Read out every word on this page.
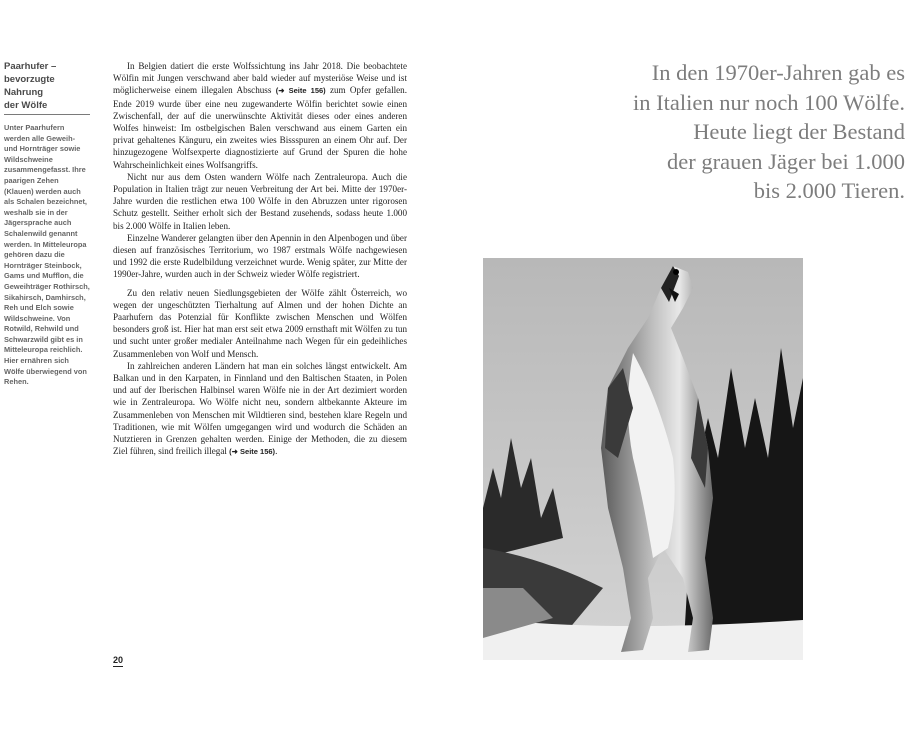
Paarhufer –
bevorzugte Nahrung
der Wölfe

Unter Paarhufern werden alle Geweih- und Hornträger sowie Wildschweine zusammengefasst. Ihre paarigen Zehen (Klauen) werden auch als Schalen bezeichnet, weshalb sie in der Jägersprache auch Schalenwild genannt werden. In Mitteleuropa gehören dazu die Hornträger Steinbock, Gams und Mufflon, die Geweihträger Rothirsch, Sikahirsch, Damhirsch, Reh und Elch sowie Wildschweine. Von Rotwild, Rehwild und Schwarzwild gibt es in Mitteleuropa reichlich. Hier ernähren sich Wölfe überwiegend von Rehen.

In Belgien datiert die erste Wolfssichtung ins Jahr 2018. Die beobachtete Wölfin mit Jungen verschwand aber bald wieder auf mysteriöse Weise und ist möglicherweise einem illegalen Abschuss (➜ Seite 156) zum Opfer gefallen. Ende 2019 wurde über eine neu zugewanderte Wölfin berichtet sowie einen Zwischenfall, der auf die unerwünschte Aktivität dieses oder eines anderen Wolfes hinweist: Im ostbelgischen Balen verschwand aus einem Garten ein privat gehaltenes Känguru, ein zweites wies Bissspuren an einem Ohr auf. Der hinzugezogene Wolfsexperte diagnostizierte auf Grund der Spuren die hohe Wahrscheinlichkeit eines Wolfsangriffs.

Nicht nur aus dem Osten wandern Wölfe nach Zentraleuropa. Auch die Population in Italien trägt zur neuen Verbreitung der Art bei. Mitte der 1970er-Jahre wurden die restlichen etwa 100 Wölfe in den Abruzzen unter rigorosen Schutz gestellt. Seither erholt sich der Bestand zusehends, sodass heute 1.000 bis 2.000 Wölfe in Italien leben.

Einzelne Wanderer gelangten über den Apennin in den Alpenbogen und über diesen auf französisches Territorium, wo 1987 erstmals Wölfe nachgewiesen und 1992 die erste Rudelbildung verzeichnet wurde. Wenig später, zur Mitte der 1990er-Jahre, wurden auch in der Schweiz wieder Wölfe registriert.

Zu den relativ neuen Siedlungsgebieten der Wölfe zählt Österreich, wo wegen der ungeschützten Tierhaltung auf Almen und der hohen Dichte an Paarhufern das Potenzial für Konflikte zwischen Menschen und Wölfen besonders groß ist. Hier hat man erst seit etwa 2009 ernsthaft mit Wölfen zu tun und sucht unter großer medialer Anteilnahme nach Wegen für ein gedeihliches Zusammenleben von Wolf und Mensch.

In zahlreichen anderen Ländern hat man ein solches längst entwickelt. Am Balkan und in den Karpaten, in Finnland und den Baltischen Staaten, in Polen und auf der Iberischen Halbinsel waren Wölfe nie in der Art dezimiert worden wie in Zentraleuropa. Wo Wölfe nicht neu, sondern altbekannte Akteure im Zusammenleben von Menschen mit Wildtieren sind, bestehen klare Regeln und Traditionen, wie mit Wölfen umgegangen wird und wodurch die Schäden an Nutztieren in Grenzen gehalten werden. Einige der Methoden, die zu diesem Ziel führen, sind freilich illegal (➜ Seite 156).

20
In den 1970er-Jahren gab es
in Italien nur noch 100 Wölfe.
Heute liegt der Bestand
der grauen Jäger bei 1.000
bis 2.000 Tieren.
